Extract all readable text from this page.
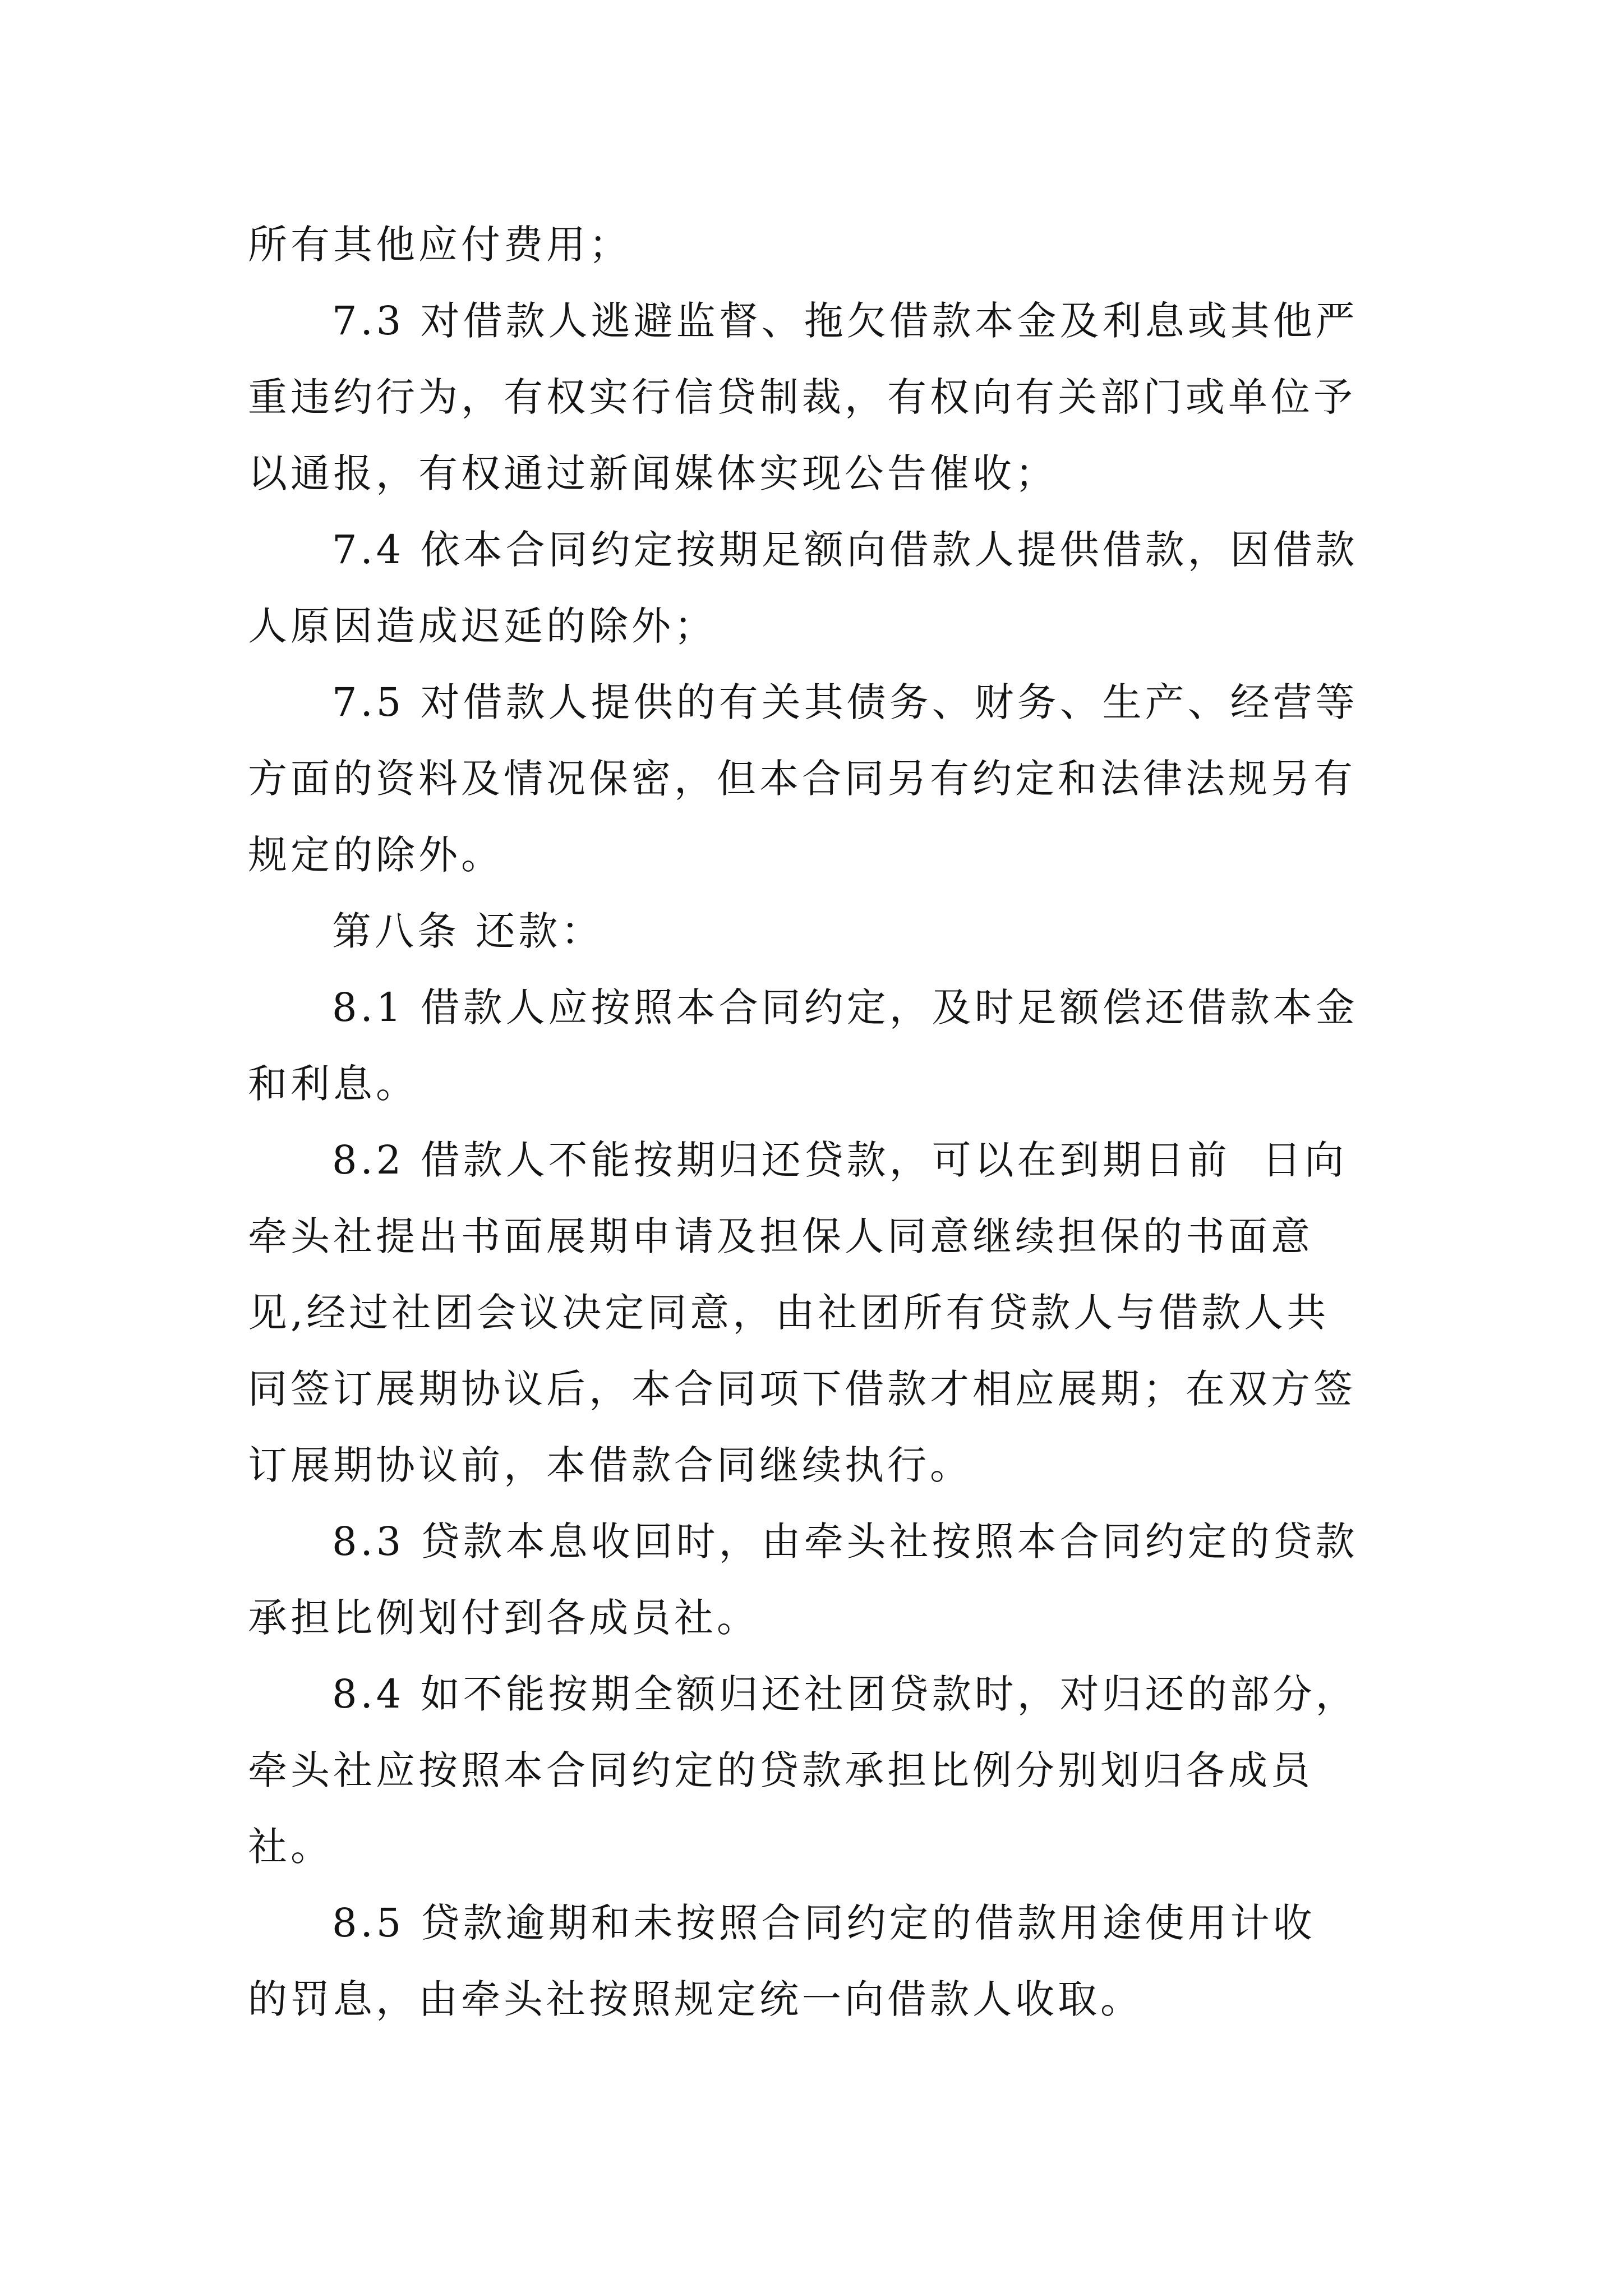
所有其他应付费用；

7.3 对借款人逃避监督、拖欠借款本金及利息或其他严
重违约行为，有权实行信贷制裁，有权向有关部门或单位予
以通报，有权通过新闻媒体实现公告催收；

7.4 依本合同约定按期足额向借款人提供借款，因借款
人原因造成迟延的除外；

7.5 对借款人提供的有关其债务、财务、生产、经营等
方面的资料及情况保密，但本合同另有约定和法律法规另有
规定的除外。

第八条 还款：

8.1 借款人应按照本合同约定，及时足额偿还借款本金
和利息。

8.2 借款人不能按期归还贷款，可以在到期日前  日向
牵头社提出书面展期申请及担保人同意继续担保的书面意
见,经过社团会议决定同意，由社团所有贷款人与借款人共
同签订展期协议后，本合同项下借款才相应展期；在双方签
订展期协议前，本借款合同继续执行。

8.3 贷款本息收回时，由牵头社按照本合同约定的贷款
承担比例划付到各成员社。

8.4 如不能按期全额归还社团贷款时，对归还的部分，
牵头社应按照本合同约定的贷款承担比例分别划归各成员
社。

8.5 贷款逾期和未按照合同约定的借款用途使用计收
的罚息，由牵头社按照规定统一向借款人收取。
